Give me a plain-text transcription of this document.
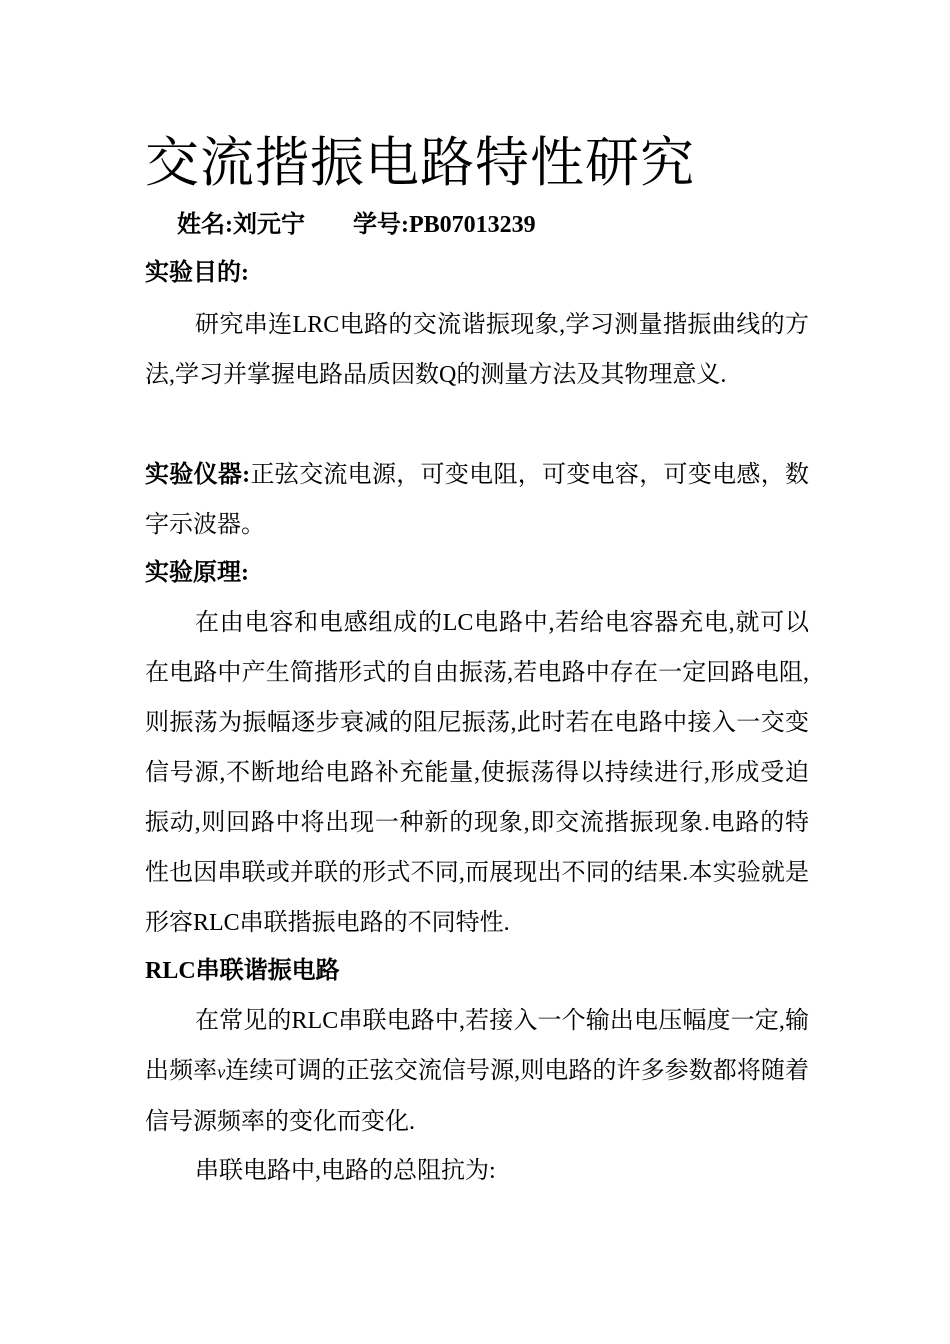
交流揩振电路特性研究
姓名:刘元宁 学号:PB07013239
实验目的:
研究串连LRC电路的交流谐振现象,学习测量揩振曲线的方法,学习并掌握电路品质因数Q的测量方法及其物理意义.
实验仪器:正弦交流电源，可变电阻，可变电容，可变电感，数字示波器。
实验原理:
在由电容和电感组成的LC电路中,若给电容器充电,就可以在电路中产生简揩形式的自由振荡,若电路中存在一定回路电阻,则振荡为振幅逐步衰减的阻尼振荡,此时若在电路中接入一交变信号源,不断地给电路补充能量,使振荡得以持续进行,形成受迫振动,则回路中将出现一种新的现象,即交流揩振现象.电路的特性也因串联或并联的形式不同,而展现出不同的结果.本实验就是形容RLC串联揩振电路的不同特性.
RLC串联谐振电路
在常见的RLC串联电路中,若接入一个输出电压幅度一定,输出频率ν连续可调的正弦交流信号源,则电路的许多参数都将随着信号源频率的变化而变化.
串联电路中,电路的总阻抗为:
